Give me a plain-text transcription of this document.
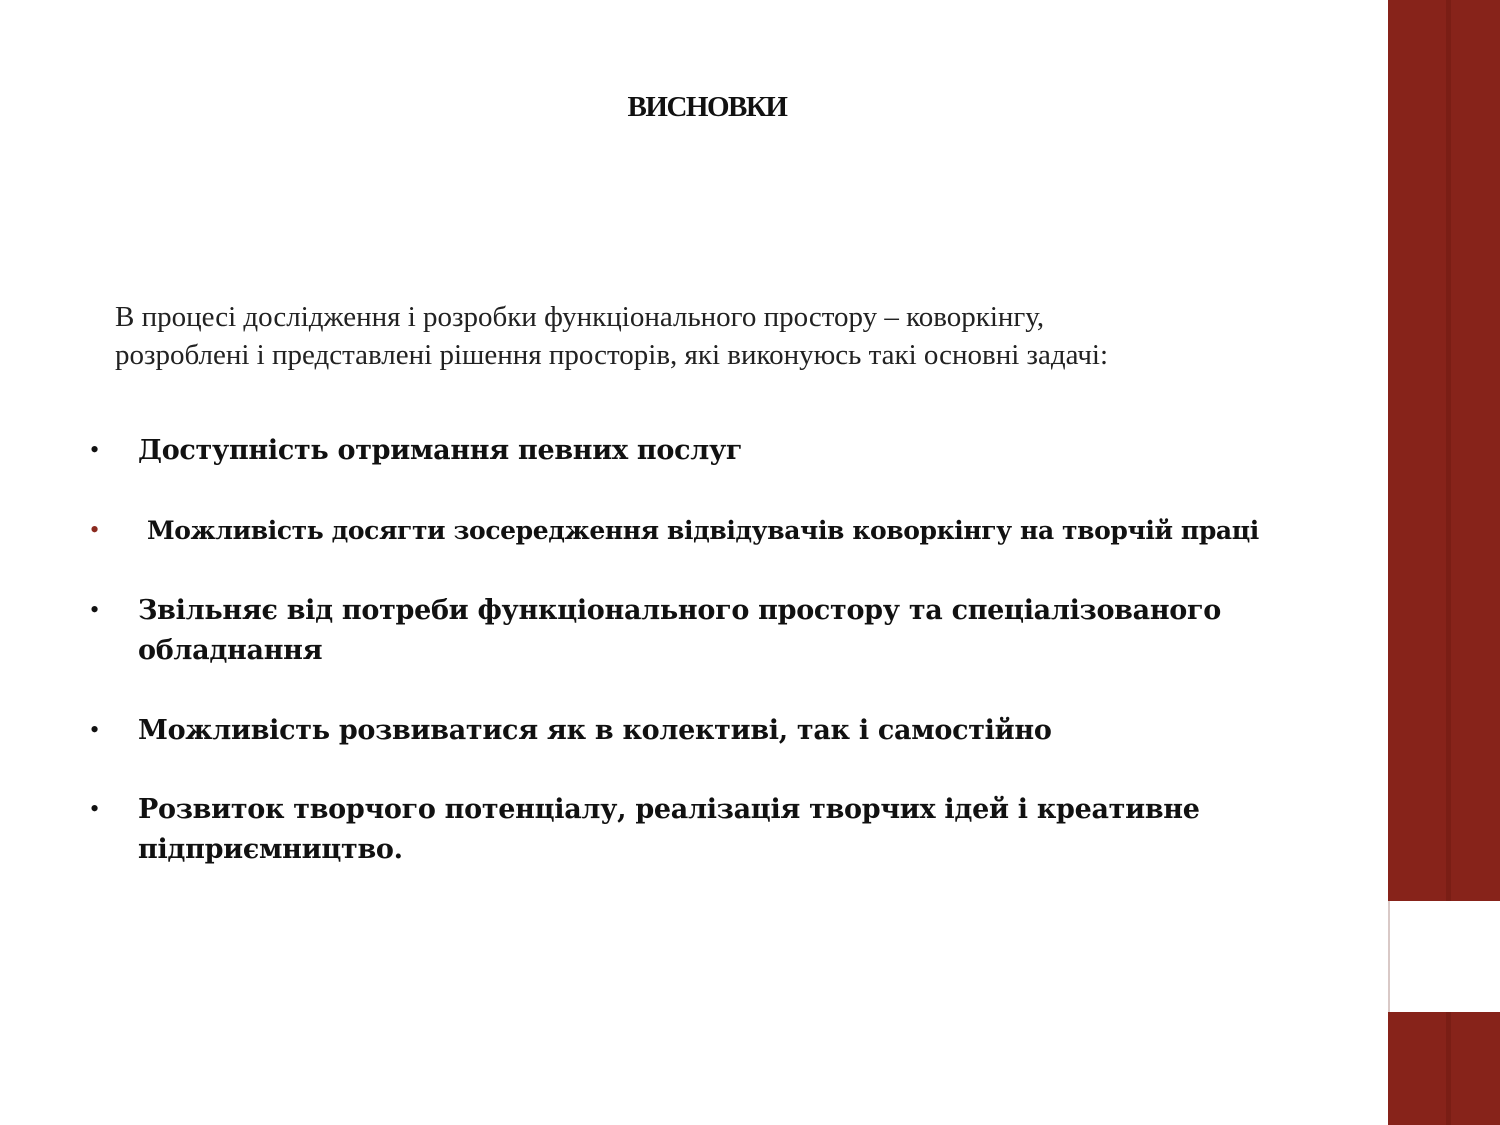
ВИСНОВКИ
В процесі дослідження і розробки функціонального простору – коворкінгу,
розроблені і представлені рішення просторів, які виконуюсь такі основні задачі:
• Доступність отримання певних послуг
• Можливість досягти зосередження відвідувачів коворкінгу на творчій праці
• Звільняє від потреби функціонального простору та спеціалізованого
обладнання
• Можливість розвиватися як в колективі, так і самостійно
• Розвиток творчого потенціалу, реалізація творчих ідей і креативне
підприємництво.
